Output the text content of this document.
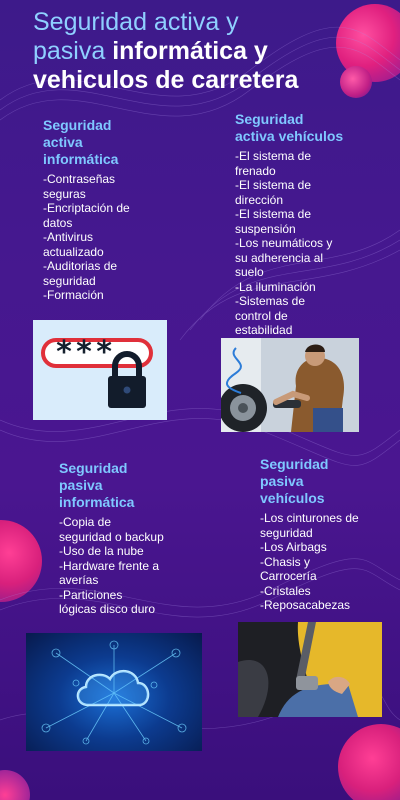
Seguridad activa y
pasiva informática y
vehiculos de carretera
Seguridad
activa
informática
-Contraseñas
seguras
-Encriptación de
datos
-Antivirus
actualizado
-Auditorias de
seguridad
-Formación
Seguridad
activa vehículos
-El sistema de
frenado
-El sistema de
dirección
-El sistema de
suspensión
-Los neumáticos y
su adherencia al
suelo
-La iluminación
-Sistemas de
control de
estabilidad
***
Seguridad
pasiva
informática
-Copia de
seguridad o backup
-Uso de la nube
-Hardware frente a
averías
-Particiones
lógicas disco duro
Seguridad
pasiva
vehículos
-Los cinturones de
seguridad
-Los Airbags
-Chasis y
Carrocería
-Cristales
-Reposacabezas
